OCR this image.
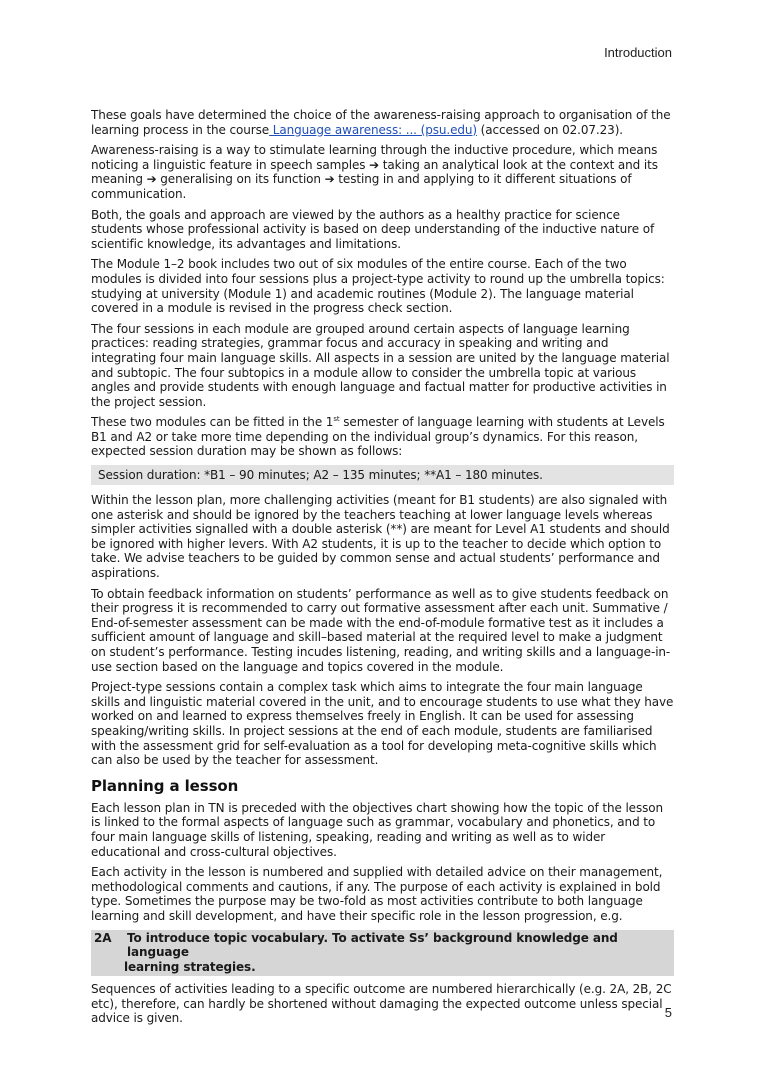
Introduction

These goals have determined the choice of the awareness-raising approach to organisation of the learning process in the course Language awareness: ... (psu.edu) (accessed on 02.07.23).

Awareness-raising is a way to stimulate learning through the inductive procedure, which means noticing a linguistic feature in speech samples ➔ taking an analytical look at the context and its meaning ➔ generalising on its function ➔ testing in and applying to it different situations of communication.

Both, the goals and approach are viewed by the authors as a healthy practice for science students whose professional activity is based on deep understanding of the inductive nature of scientific knowledge, its advantages and limitations.

The Module 1–2 book includes two out of six modules of the entire course. Each of the two modules is divided into four sessions plus a project-type activity to round up the umbrella topics: studying at university (Module 1) and academic routines (Module 2). The language material covered in a module is revised in the progress check section.

The four sessions in each module are grouped around certain aspects of language learning practices: reading strategies, grammar focus and accuracy in speaking and writing and integrating four main language skills. All aspects in a session are united by the language material and subtopic. The four subtopics in a module allow to consider the umbrella topic at various angles and provide students with enough language and factual matter for productive activities in the project session.

These two modules can be fitted in the 1st semester of language learning with students at Levels B1 and A2 or take more time depending on the individual group’s dynamics. For this reason, expected session duration may be shown as follows:

Session duration: *B1 – 90 minutes; A2 – 135 minutes; **A1 – 180 minutes.

Within the lesson plan, more challenging activities (meant for B1 students) are also signaled with one asterisk and should be ignored by the teachers teaching at lower language levels whereas simpler activities signalled with a double asterisk (**) are meant for Level A1 students and should be ignored with higher levers. With A2 students, it is up to the teacher to decide which option to take. We advise teachers to be guided by common sense and actual students’ performance and aspirations.

To obtain feedback information on students’ performance as well as to give students feedback on their progress it is recommended to carry out formative assessment after each unit. Summative / End-of-semester assessment can be made with the end-of-module formative test as it includes a sufficient amount of language and skill–based material at the required level to make a judgment on student’s performance. Testing incudes listening, reading, and writing skills and a language-in-use section based on the language and topics covered in the module.

Project-type sessions contain a complex task which aims to integrate the four main language skills and linguistic material covered in the unit, and to encourage students to use what they have worked on and learned to express themselves freely in English. It can be used for assessing speaking/writing skills. In project sessions at the end of each module, students are familiarised with the assessment grid for self-evaluation as a tool for developing meta-cognitive skills which can also be used by the teacher for assessment.

Planning a lesson

Each lesson plan in TN is preceded with the objectives chart showing how the topic of the lesson is linked to the formal aspects of language such as grammar, vocabulary and phonetics, and to four main language skills of listening, speaking, reading and writing as well as to wider educational and cross-cultural objectives.

Each activity in the lesson is numbered and supplied with detailed advice on their management, methodological comments and cautions, if any. The purpose of each activity is explained in bold type. Sometimes the purpose may be two-fold as most activities contribute to both language learning and skill development, and have their specific role in the lesson progression, e.g.

2A	To introduce topic vocabulary. To activate Ss’ background knowledge and language
learning strategies.

Sequences of activities leading to a specific outcome are numbered hierarchically (e.g. 2A, 2B, 2C etc), therefore, can hardly be shortened without damaging the expected outcome unless special advice is given.	5
